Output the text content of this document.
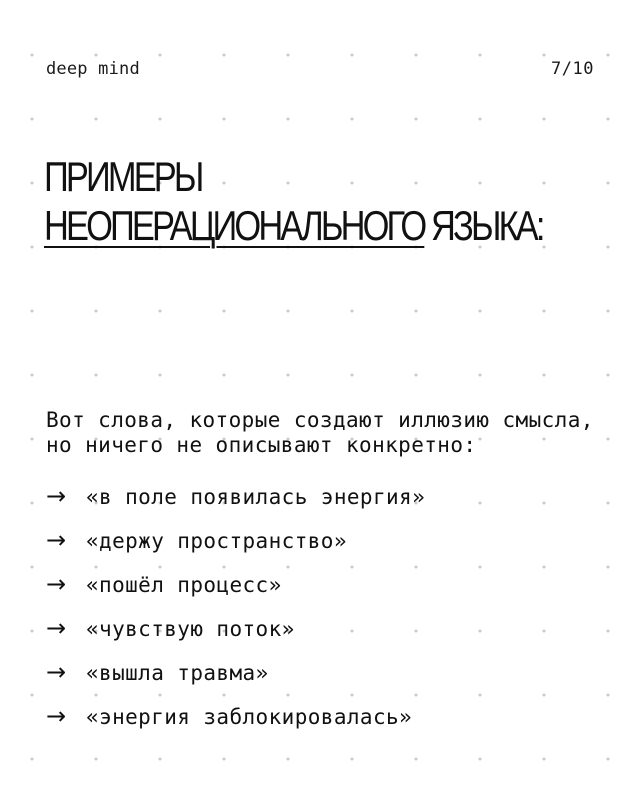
deep mind	7/10
ПРИМЕРЫ
НЕОПЕРАЦИОНАЛЬНОГО ЯЗЫКА:

Вот слова, которые создают иллюзию смысла, но ничего не описывают конкретно:

→ «в поле появилась энергия»
→ «держу пространство»
→ «пошёл процесс»
→ «чувствую поток»
→ «вышла травма»
→ «энергия заблокировалась»
